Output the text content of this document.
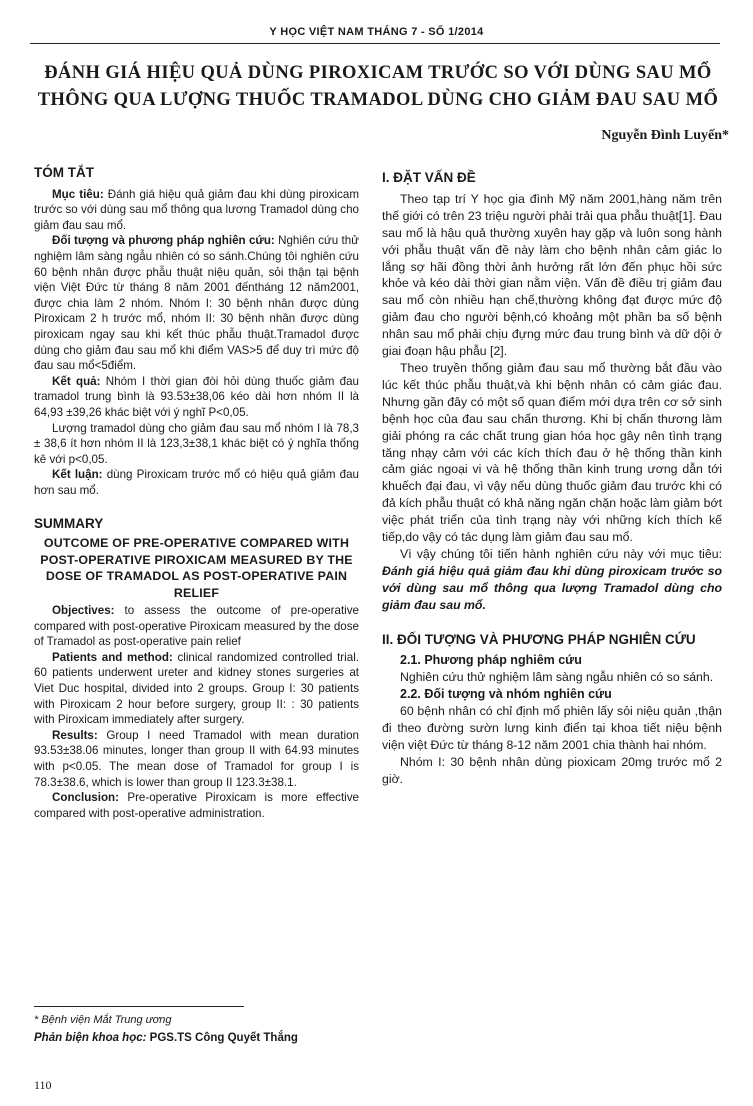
Y HỌC VIỆT NAM THÁNG 7 - SỐ 1/2014
ĐÁNH GIÁ HIỆU QUẢ DÙNG PIROXICAM TRƯỚC SO VỚI DÙNG SAU MỔ
THÔNG QUA LƯỢNG THUỐC TRAMADOL DÙNG CHO GIẢM ĐAU SAU MỔ
Nguyễn Đình Luyến*
TÓM TẮT

Mục tiêu: Đánh giá hiệu quả giảm đau khi dùng piroxicam trước so với dùng sau mổ thông qua lương Tramadol dùng cho giảm đau sau mổ.

Đối tượng và phương pháp nghiên cứu: Nghiên cứu thử nghiệm lâm sàng ngẫu nhiên có so sánh.Chúng tôi nghiên cứu 60 bệnh nhân được phẫu thuật niệu quản, sỏi thận tại bệnh viện Việt Đức từ tháng 8 năm 2001 đếntháng 12 năm2001, được chia làm 2 nhóm. Nhóm I: 30 bệnh nhân được dùng Piroxicam 2 h trước mổ, nhóm II: 30 bệnh nhân được dùng piroxicam ngay sau khi kết thúc phẫu thuật.Tramadol được dùng cho giảm đau sau mổ khi điểm VAS>5 để duy trì mức độ đau sau mổ<5điểm.

Kết quả: Nhóm I thời gian đòi hỏi dùng thuốc giảm đau tramadol trung bình là 93.53±38,06 kéo dài hơn nhóm II là 64,93 ±39,26 khác biệt với ý nghĩ P<0,05.

Lượng tramadol dùng cho giảm đau sau mổ nhóm I là 78,3 ± 38,6 ít hơn nhóm II là 123,3±38,1 khác biệt có ý nghĩa thống kê với p<0,05.

Kết luận: dùng Piroxicam trước mổ có hiệu quả giảm đau hơn sau mổ.

SUMMARY
OUTCOME OF PRE-OPERATIVE COMPARED WITH POST-OPERATIVE PIROXICAM MEASURED BY THE DOSE OF TRAMADOL AS POST-OPERATIVE PAIN RELIEF

Objectives: to assess the outcome of pre-operative compared with post-operative Piroxicam measured by the dose of Tramadol as post-operative pain relief

Patients and method: clinical randomized controlled trial. 60 patients underwent ureter and kidney stones surgeries at Viet Duc hospital, divided into 2 groups. Group I: 30 patients with Piroxicam 2 hour before surgery, group II: : 30 patients with Piroxicam immediately after surgery.

Results: Group I need Tramadol with mean duration 93.53±38.06 minutes, longer than group II with 64.93 minutes with p<0.05. The mean dose of Tramadol for group I is 78.3±38.6, which is lower than group II 123.3±38.1.

Conclusion: Pre-operative Piroxicam is more effective compared with post-operative administration.

I. ĐẶT VẤN ĐỀ

Theo tạp trí Y học gia đình Mỹ năm 2001,hàng năm trên thế giới có trên 23 triệu người phải trải qua phẫu thuật[1]. Đau sau mổ là hậu quả thường xuyên hay gặp và luôn song hành với phẫu thuật vấn đề này làm cho bệnh nhân cảm giác lo lắng sợ hãi đồng thời ảnh hưởng rất lớn đến phục hồi sức khỏe và kéo dài thời gian nằm viện. Vấn đề điều trị giảm đau sau mổ còn nhiều hạn chế,thường không đạt được mức độ giảm đau cho người bệnh,có khoảng một phần ba số bệnh nhân sau mổ phải chịu đựng mức đau trung bình và dữ dội ở giai đoạn hậu phẫu [2].

Theo truyền thống giảm đau sau mổ thường bắt đầu vào lúc kết thúc phẫu thuật,và khi bệnh nhân có cảm giác đau. Nhưng gần đây có một số quan điểm mới dựa trên cơ sở sinh bệnh học của đau sau chấn thương. Khi bị chấn thương làm giải phóng ra các chất trung gian hóa học gây nên tình trạng tăng nhạy cảm với các kích thích đau ở hệ thống thần kinh cảm giác ngoại vi và hệ thống thần kinh trung ương dẫn tới khuếch đại đau, vì vậy nếu dùng thuốc giảm đau trước khi có đả kích phẫu thuật có khả năng ngăn chặn hoặc làm giảm bớt việc phát triển của tình trạng này với những kích thích kế tiếp,do vậy có tác dụng làm giảm đau sau mổ.

Vì vậy chúng tôi tiến hành nghiên cứu này với mục tiêu: Đánh giá hiệu quả giảm đau khi dùng piroxicam trước so với dùng sau mổ thông qua lượng Tramadol dùng cho giảm đau sau mổ.

II. ĐỐI TƯỢNG VÀ PHƯƠNG PHÁP NGHIÊN CỨU

2.1. Phương pháp nghiêm cứu

Nghiên cứu thử nghiệm lâm sàng ngẫu nhiên có so sánh.

2.2. Đối tượng và nhóm nghiên cứu

60 bệnh nhân có chỉ định mổ phiên lấy sỏi niệu quản ,thận đi theo đường sườn lưng kinh điển tại khoa tiết niệu bệnh viện việt Đức từ tháng 8-12 năm 2001 chia thành hai nhóm.

Nhóm I: 30 bệnh nhân dùng pioxicam 20mg trước mổ 2 giờ.

* Bệnh viện Mắt Trung ương
Phản biện khoa học: PGS.TS Công Quyết Thắng
110
